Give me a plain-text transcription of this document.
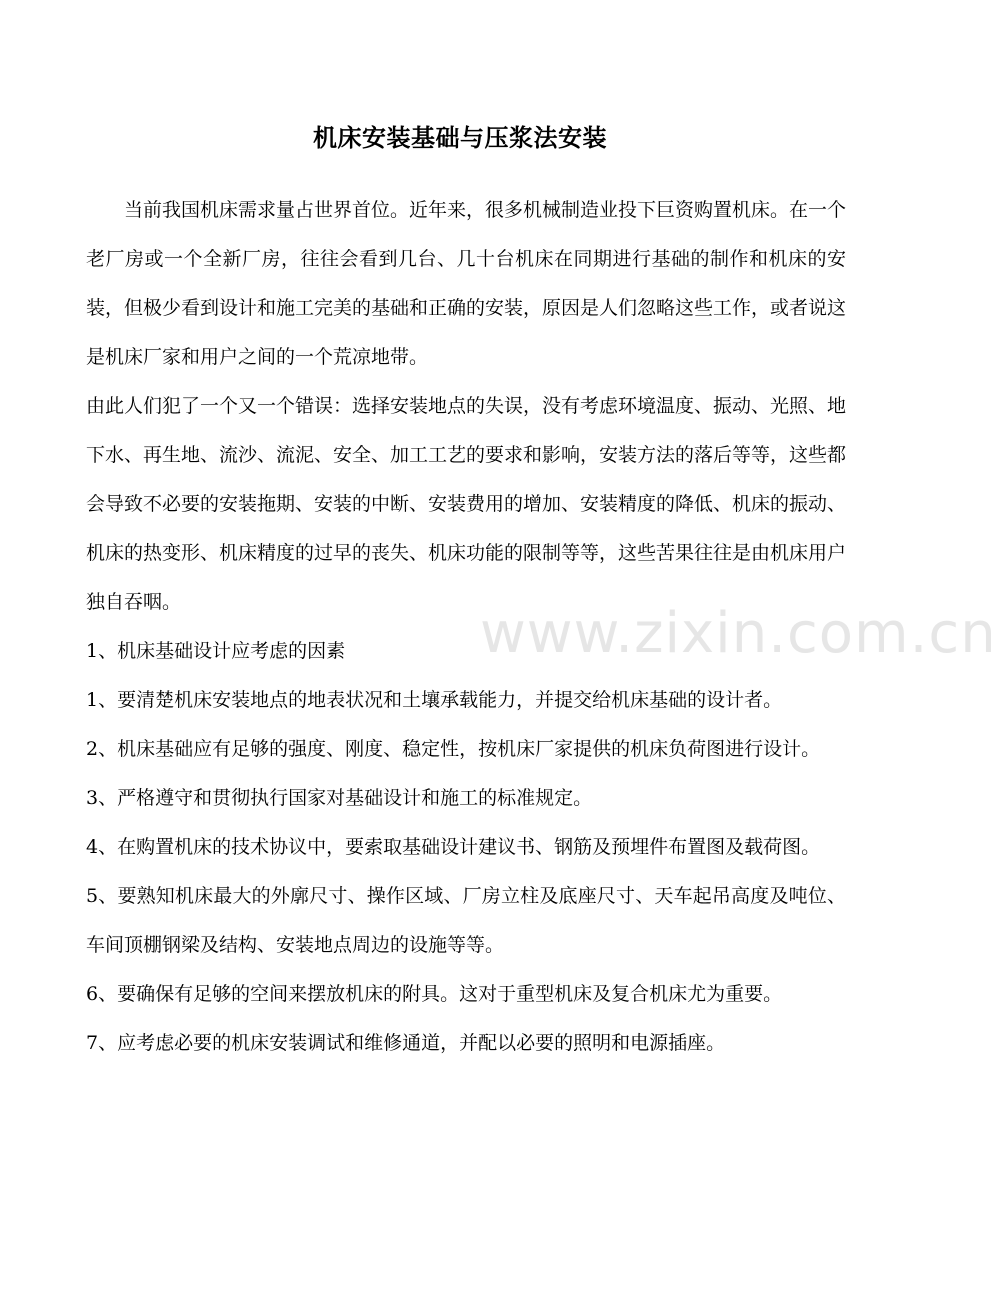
机床安装基础与压浆法安装
www.zixin.com.cn

当前我国机床需求量占世界首位。近年来，很多机械制造业投下巨资购置机床。在一个老厂房或一个全新厂房，往往会看到几台、几十台机床在同期进行基础的制作和机床的安装，但极少看到设计和施工完美的基础和正确的安装，原因是人们忽略这些工作，或者说这是机床厂家和用户之间的一个荒凉地带。

由此人们犯了一个又一个错误：选择安装地点的失误，没有考虑环境温度、振动、光照、地下水、再生地、流沙、流泥、安全、加工工艺的要求和影响，安装方法的落后等等，这些都会导致不必要的安装拖期、安装的中断、安装费用的增加、安装精度的降低、机床的振动、机床的热变形、机床精度的过早的丧失、机床功能的限制等等，这些苦果往往是由机床用户独自吞咽。

1、机床基础设计应考虑的因素

1、要清楚机床安装地点的地表状况和土壤承载能力，并提交给机床基础的设计者。

2、机床基础应有足够的强度、刚度、稳定性，按机床厂家提供的机床负荷图进行设计。

3、严格遵守和贯彻执行国家对基础设计和施工的标准规定。

4、在购置机床的技术协议中，要索取基础设计建议书、钢筋及预埋件布置图及载荷图。

5、要熟知机床最大的外廓尺寸、操作区域、厂房立柱及底座尺寸、天车起吊高度及吨位、车间顶棚钢梁及结构、安装地点周边的设施等等。

6、要确保有足够的空间来摆放机床的附具。这对于重型机床及复合机床尤为重要。

7、应考虑必要的机床安装调试和维修通道，并配以必要的照明和电源插座。
